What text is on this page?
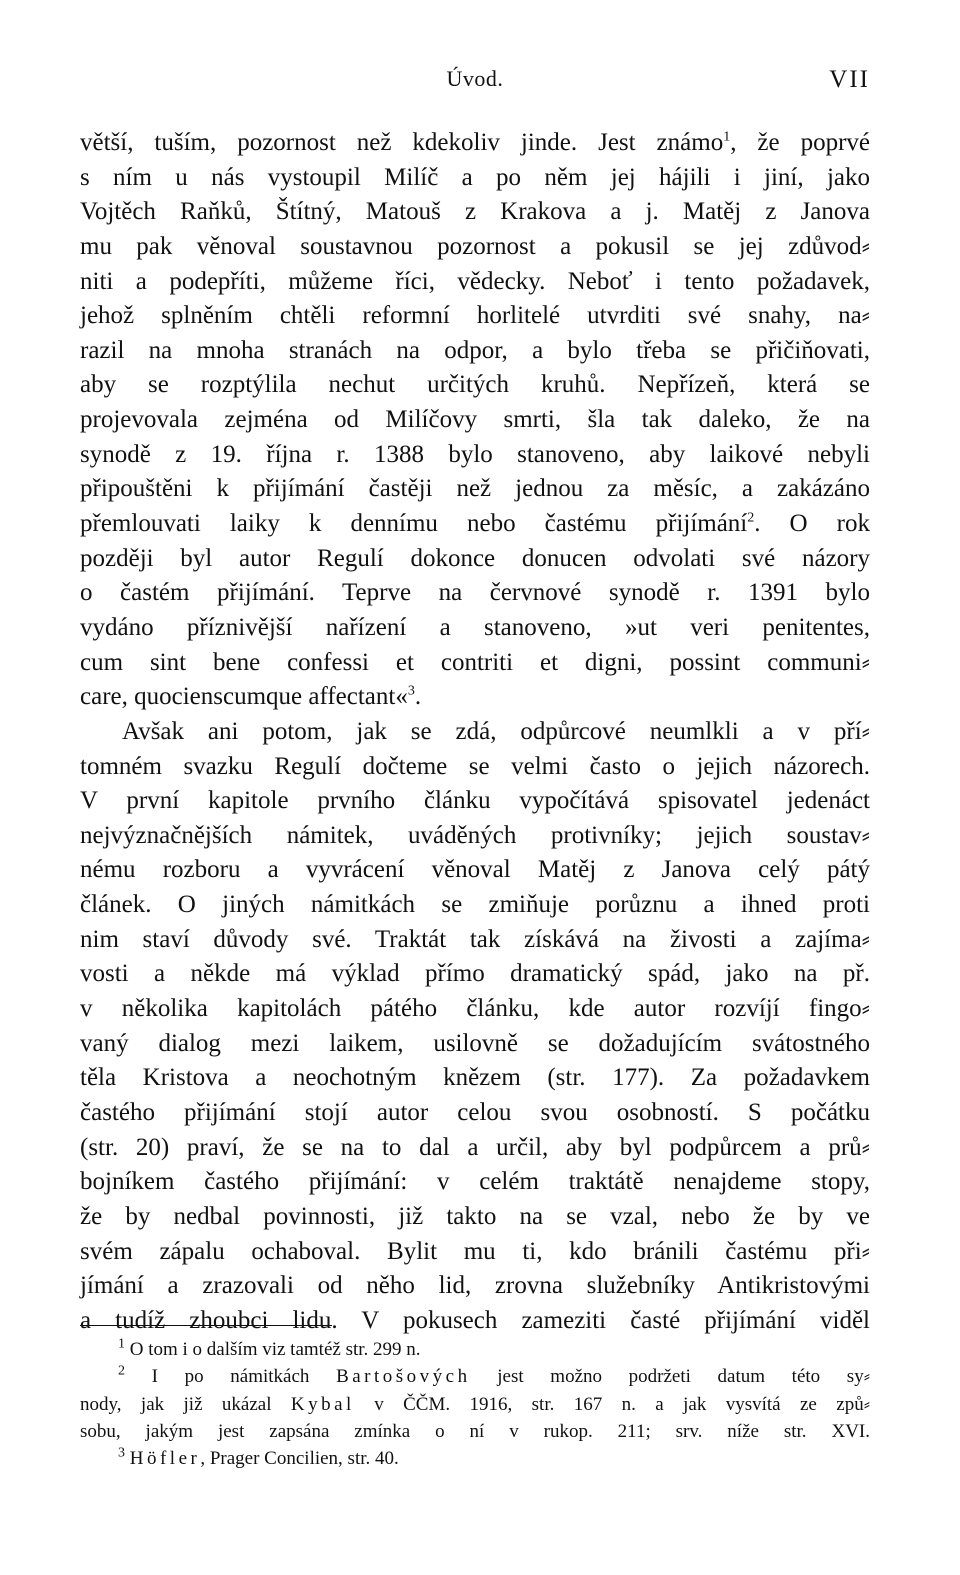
Úvod.	VII
větší, tuším, pozornost než kdekoliv jinde. Jest známo$^1$, že poprvé
s ním u nás vystoupil Milíč a po něm jej hájili i jiní, jako
Vojtěch Raňků, Štítný, Matouš z Krakova a j. Matěj z Janova
mu pak věnoval soustavnou pozornost a pokusil se jej zdůvod⸗
niti a podepříti, můžeme říci, vědecky. Neboť i tento požadavek,
jehož splněním chtěli reformní horlitelé utvrditi své snahy, na⸗
razil na mnoha stranách na odpor, a bylo třeba se přičiňovati,
aby se rozptýlila nechut určitých kruhů. Nepřízeň, která se
projevovala zejména od Milíčovy smrti, šla tak daleko, že na
synodě z 19. října r. 1388 bylo stanoveno, aby laikové nebyli
připouštěni k přijímání častěji než jednou za měsíc, a zakázáno
přemlouvati laiky k dennímu nebo častému přijímání$^2$. O rok
později byl autor Regulí dokonce donucen odvolati své názory
o častém přijímání. Teprve na červnové synodě r. 1391 bylo
vydáno příznivější nařízení a stanoveno, »ut veri penitentes,
cum sint bene confessi et contriti et digni, possint communi⸗
care, quocienscumque affectant«$^3$.
Avšak ani potom, jak se zdá, odpůrcové neumlkli a v pří⸗
tomném svazku Regulí dočteme se velmi často o jejich názorech.
V první kapitole prvního článku vypočítává spisovatel jedenáct
nejvýznačnějších námitek, uváděných protivníky; jejich soustav⸗
nému rozboru a vyvrácení věnoval Matěj z Janova celý pátý
článek. O jiných námitkách se zmiňuje porůznu a ihned proti
nim staví důvody své. Traktát tak získává na živosti a zajíma⸗
vosti a někde má výklad přímo dramatický spád, jako na př.
v několika kapitolách pátého článku, kde autor rozvíjí fingo⸗
vaný dialog mezi laikem, usilovně se dožadujícím svátostného
těla Kristova a neochotným knězem (str. 177). Za požadavkem
častého přijímání stojí autor celou svou osobností. S počátku
(str. 20) praví, že se na to dal a určil, aby byl podpůrcem a prů⸗
bojníkem častého přijímání: v celém traktátě nenajdeme stopy,
že by nedbal povinnosti, již takto na se vzal, nebo že by ve
svém zápalu ochaboval. Bylit mu ti, kdo bránili častému při⸗
jímání a zrazovali od něho lid, zrovna služebníky Antikristovými
a tudíž zhoubci lidu. V pokusech zameziti časté přijímání viděl
$^1$ O tom i o dalším viz tamtéž str. 299 n.
$^2$ I po námitkách Bartošových jest možno podržeti datum této sy⸗
nody, jak již ukázal Kybal v ČČM. 1916, str. 167 n. a jak vysvítá ze způ⸗
sobu, jakým jest zapsána zmínka o ní v rukop. 211; srv. níže str. XVI.
$^3$ Höfler, Prager Concilien, str. 40.
